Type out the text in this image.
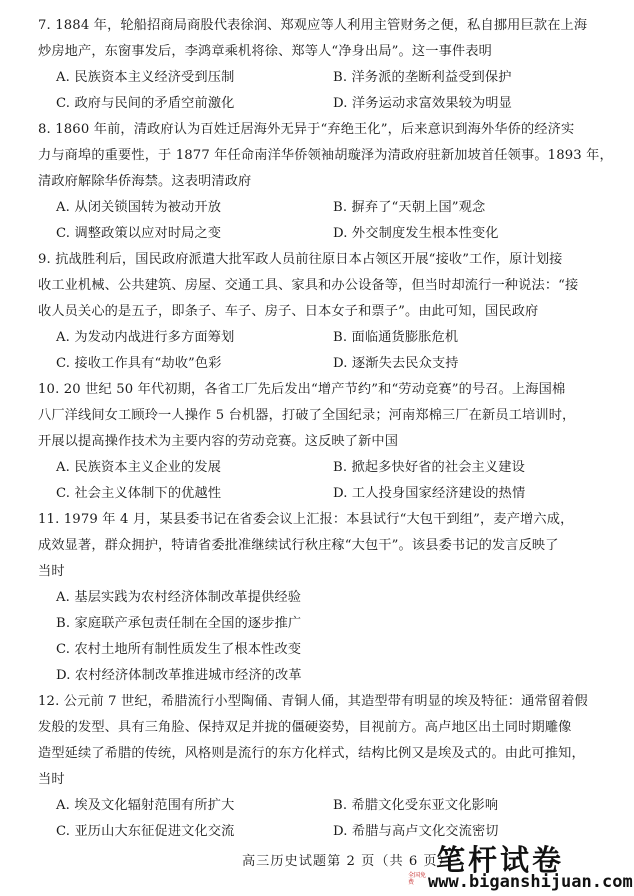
7. 1884 年，轮船招商局商股代表徐润、郑观应等人利用主管财务之便，私自挪用巨款在上海
炒房地产，东窗事发后，李鸿章乘机将徐、郑等人“净身出局”。这一事件表明
A. 民族资本主义经济受到压制	B. 洋务派的垄断利益受到保护
C. 政府与民间的矛盾空前激化	D. 洋务运动求富效果较为明显
8. 1860 年前，清政府认为百姓迁居海外无异于“弃绝王化”，后来意识到海外华侨的经济实
力与商埠的重要性，于 1877 年任命南洋华侨领袖胡璇泽为清政府驻新加坡首任领事。1893 年，
清政府解除华侨海禁。这表明清政府
A. 从闭关锁国转为被动开放	B. 摒弃了“天朝上国”观念
C. 调整政策以应对时局之变	D. 外交制度发生根本性变化
9. 抗战胜利后，国民政府派遣大批军政人员前往原日本占领区开展“接收”工作，原计划接
收工业机械、公共建筑、房屋、交通工具、家具和办公设备等，但当时却流行一种说法：“接
收人员关心的是五子，即条子、车子、房子、日本女子和票子”。由此可知，国民政府
A. 为发动内战进行多方面筹划	B. 面临通货膨胀危机
C. 接收工作具有“劫收”色彩	D. 逐渐失去民众支持
10. 20 世纪 50 年代初期，各省工厂先后发出“增产节约”和“劳动竞赛”的号召。上海国棉
八厂洋线间女工顾玲一人操作 5 台机器，打破了全国纪录；河南郑棉三厂在新员工培训时，
开展以提高操作技术为主要内容的劳动竞赛。这反映了新中国
A. 民族资本主义企业的发展	B. 掀起多快好省的社会主义建设
C. 社会主义体制下的优越性	D. 工人投身国家经济建设的热情
11. 1979 年 4 月，某县委书记在省委会议上汇报：本县试行“大包干到组”，麦产增六成，
成效显著，群众拥护，特请省委批准继续试行秋庄稼“大包干”。该县委书记的发言反映了
当时
A. 基层实践为农村经济体制改革提供经验
B. 家庭联产承包责任制在全国的逐步推广
C. 农村土地所有制性质发生了根本性改变
D. 农村经济体制改革推进城市经济的改革
12. 公元前 7 世纪，希腊流行小型陶俑、青铜人俑，其造型带有明显的埃及特征：通常留着假
发般的发型、具有三角脸、保持双足并拢的僵硬姿势，目视前方。高卢地区出土同时期雕像
造型延续了希腊的传统，风格则是流行的东方化样式，结构比例又是埃及式的。由此可推知，
当时
A. 埃及文化辐射范围有所扩大	B. 希腊文化受东亚文化影响
C. 亚历山大东征促进文化交流	D. 希腊与高卢文化交流密切
高三历史试题第 2 页（共 6 页）
笔杆试卷
全国免费 www.biganshijuan.com
